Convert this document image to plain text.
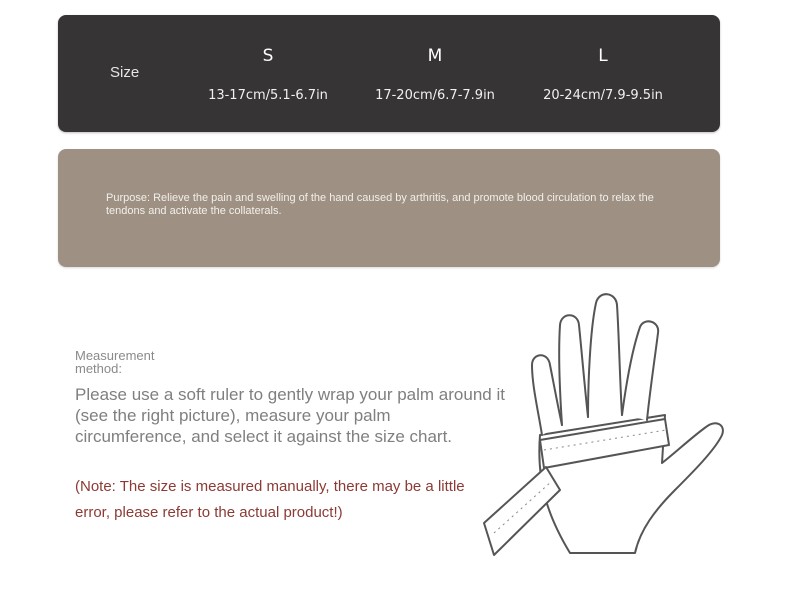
Size
S
13-17cm/5.1-6.7in
M
17-20cm/6.7-7.9in
L
20-24cm/7.9-9.5in
Purpose: Relieve the pain and swelling of the hand caused by arthritis, and promote blood circulation to relax the tendons and activate the collaterals.
Measurement method:
Please use a soft ruler to gently wrap your palm around it (see the right picture), measure your palm circumference, and select it against the size chart.
(Note: The size is measured manually, there may be a little error, please refer to the actual product!)
